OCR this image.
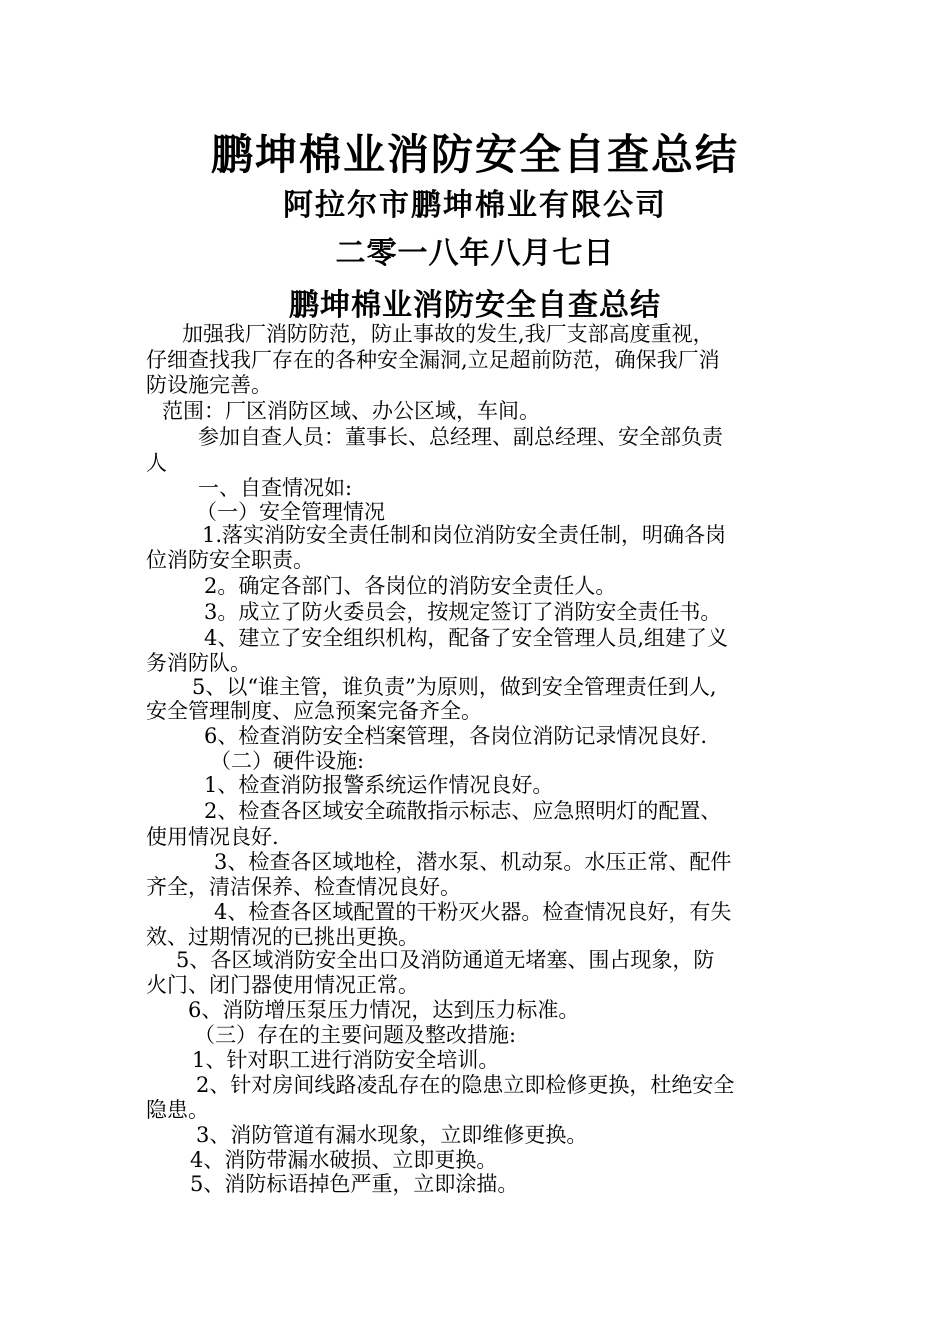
鹏坤棉业消防安全自查总结
阿拉尔市鹏坤棉业有限公司
二零一八年八月七日
鹏坤棉业消防安全自查总结
加强我厂消防防范，防止事故的发生,我厂支部高度重视，
仔细查找我厂存在的各种安全漏洞,立足超前防范，确保我厂消
防设施完善。
范围：厂区消防区域、办公区域，车间。
参加自查人员：董事长、总经理、副总经理、安全部负责
人
一、自查情况如:
（一）安全管理情况
1.落实消防安全责任制和岗位消防安全责任制，明确各岗
位消防安全职责。
2。确定各部门、各岗位的消防安全责任人。
3。成立了防火委员会，按规定签订了消防安全责任书。
4、建立了安全组织机构，配备了安全管理人员,组建了义
务消防队。
5、以“谁主管，谁负责”为原则，做到安全管理责任到人,
安全管理制度、应急预案完备齐全。
6、检查消防安全档案管理，各岗位消防记录情况良好.
（二）硬件设施:
1、检查消防报警系统运作情况良好。
2、检查各区域安全疏散指示标志、应急照明灯的配置、
使用情况良好.
3、检查各区域地栓，潜水泵、机动泵。水压正常、配件
齐全，清洁保养、检查情况良好。
4、检查各区域配置的干粉灭火器。检查情况良好，有失
效、过期情况的已挑出更换。
5、各区域消防安全出口及消防通道无堵塞、围占现象，防
火门、闭门器使用情况正常。
6、消防增压泵压力情况，达到压力标准。
（三）存在的主要问题及整改措施:
1、针对职工进行消防安全培训。
2、针对房间线路凌乱存在的隐患立即检修更换，杜绝安全
隐患。
3、消防管道有漏水现象，立即维修更换。
4、消防带漏水破损、立即更换。
5、消防标语掉色严重，立即涂描。
